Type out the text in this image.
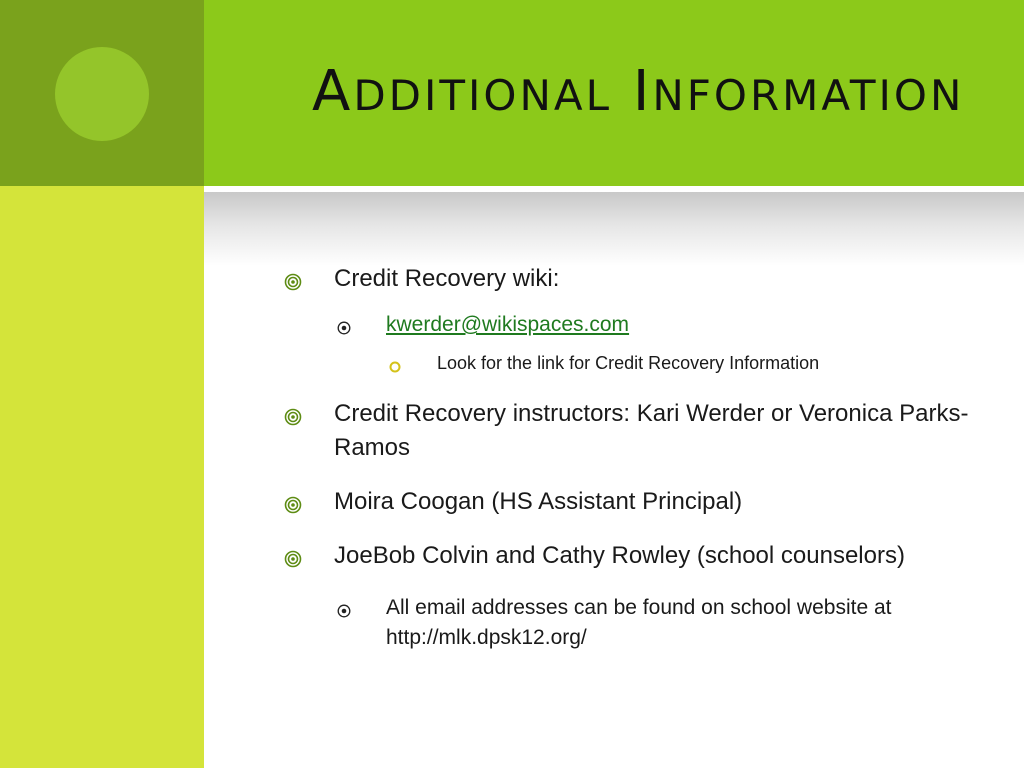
ADDITIONAL INFORMATION
Credit Recovery wiki:
kwerder@wikispaces.com
Look for the link for Credit Recovery Information
Credit Recovery instructors: Kari Werder or Veronica Parks-Ramos
Moira Coogan (HS Assistant Principal)
JoeBob Colvin and Cathy Rowley (school counselors)
All email addresses can be found on school website at http://mlk.dpsk12.org/
